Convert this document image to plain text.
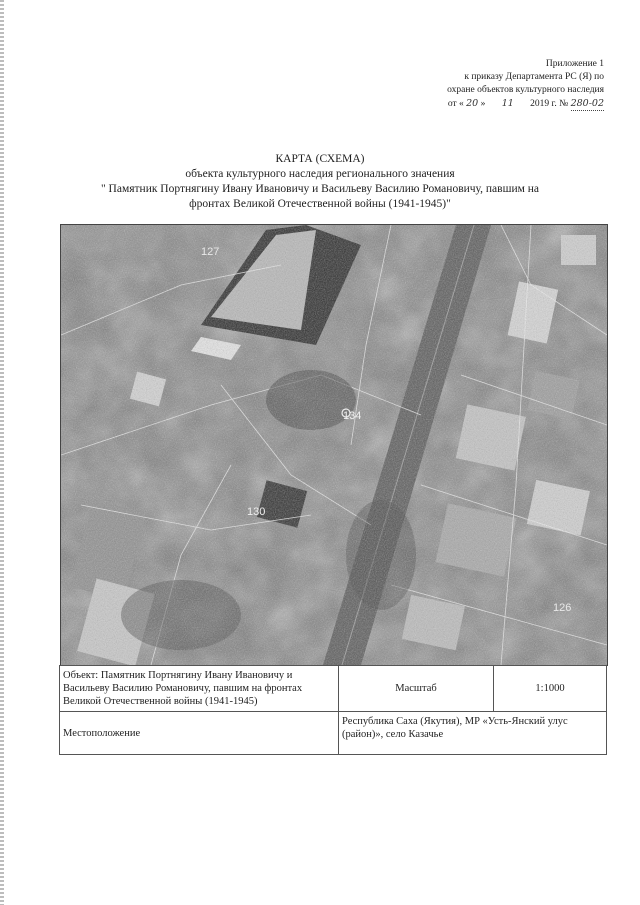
Приложение 1
к приказу Департамента РС (Я) по
охране объектов культурного наследия
от « 20 » 11 2019 г. № 280-02
КАРТА (СХЕМА)
объекта культурного наследия регионального значения
" Памятник Портнягину Ивану Ивановичу и Васильеву Василию Романовичу, павшим на
фронтах Великой Отечественной войны (1941-1945)"
127
134
130
126
Объект: Памятник Портнягину Ивану Ивановичу и Васильеву Василию Романовичу, павшим на фронтах Великой Отечественной войны (1941-1945)	Масштаб	1:1000
Местоположение	Республика Саха (Якутия), МР «Усть-Янский улус (район)», село Казачье	
